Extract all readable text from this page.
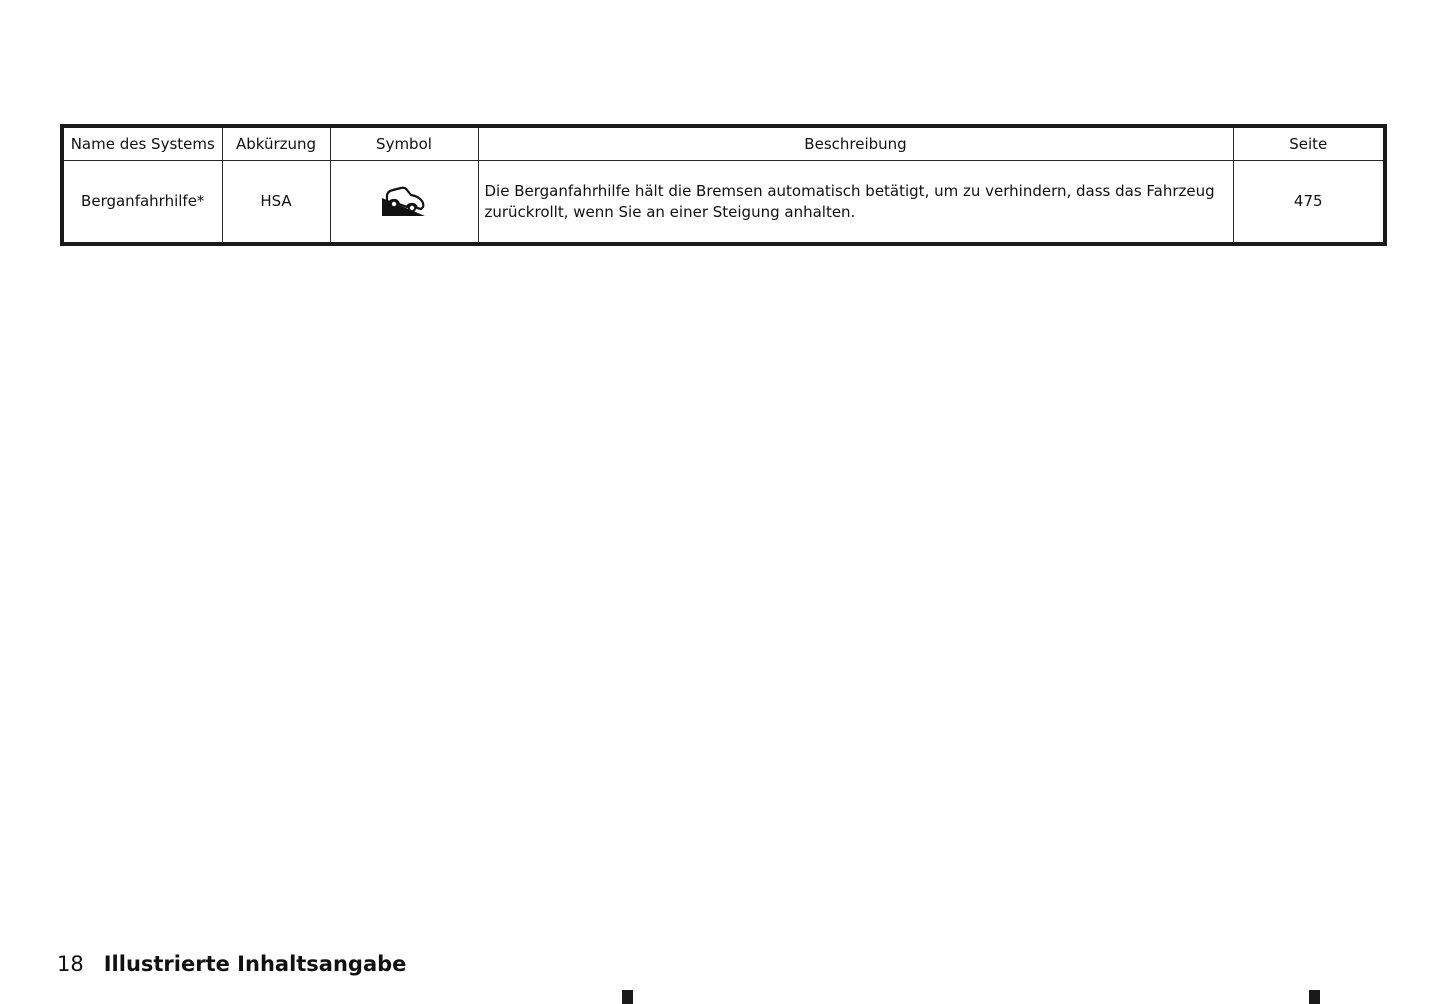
Name des Systems	Abkürzung	Symbol	Beschreibung	Seite
Berganfahrhilfe*	HSA		Die Berganfahrhilfe hält die Bremsen automatisch betätigt, um zu verhindern, dass das Fahrzeug zurückrollt, wenn Sie an einer Steigung anhalten.	475
18 Illustrierte Inhaltsangabe
